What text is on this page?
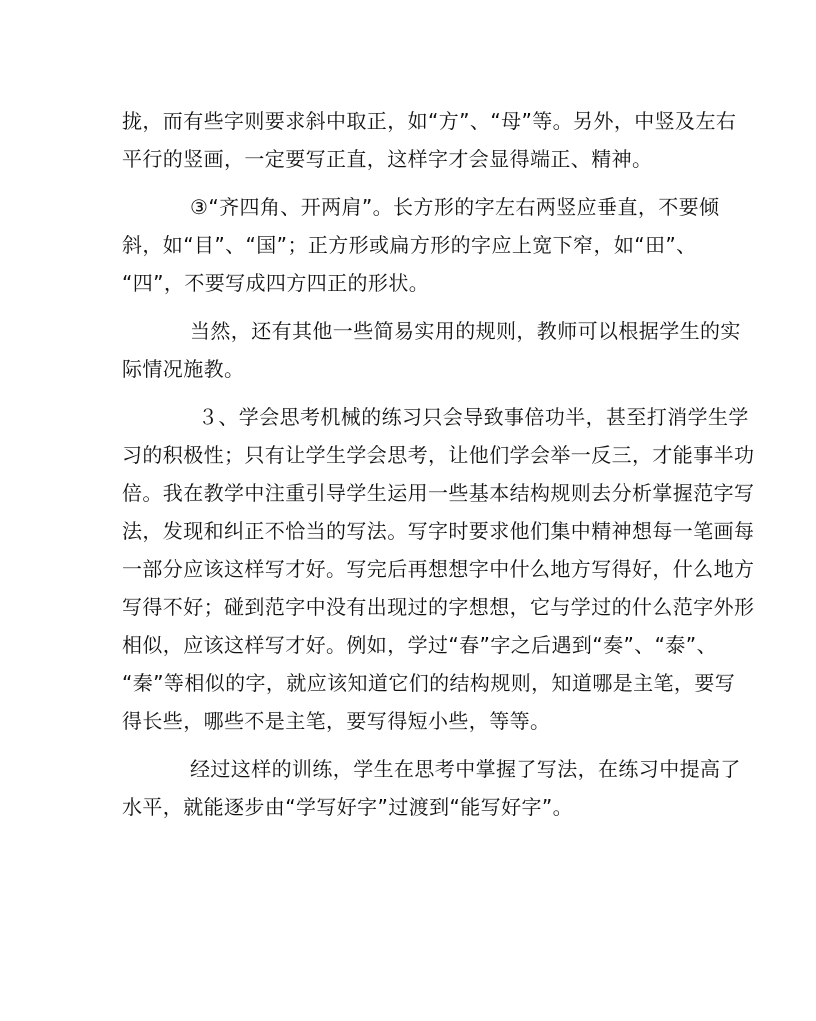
拢，而有些字则要求斜中取正，如“方”、“母”等。另外，中竖及左右

平行的竖画，一定要写正直，这样字才会显得端正、精神。

③“齐四角、开两肩”。长方形的字左右两竖应垂直，不要倾

斜，如“目”、“国”；正方形或扁方形的字应上宽下窄，如“田”、

“四”，不要写成四方四正的形状。

当然，还有其他一些简易实用的规则，教师可以根据学生的实

际情况施教。

３、学会思考机械的练习只会导致事倍功半，甚至打消学生学

习的积极性；只有让学生学会思考，让他们学会举一反三，才能事半功

倍。我在教学中注重引导学生运用一些基本结构规则去分析掌握范字写

法，发现和纠正不恰当的写法。写字时要求他们集中精神想每一笔画每

一部分应该这样写才好。写完后再想想字中什么地方写得好，什么地方

写得不好；碰到范字中没有出现过的字想想，它与学过的什么范字外形

相似，应该这样写才好。例如，学过“春”字之后遇到“奏”、“泰”、

“秦”等相似的字，就应该知道它们的结构规则，知道哪是主笔，要写

得长些，哪些不是主笔，要写得短小些，等等。

经过这样的训练，学生在思考中掌握了写法，在练习中提高了

水平，就能逐步由“学写好字”过渡到“能写好字”。
